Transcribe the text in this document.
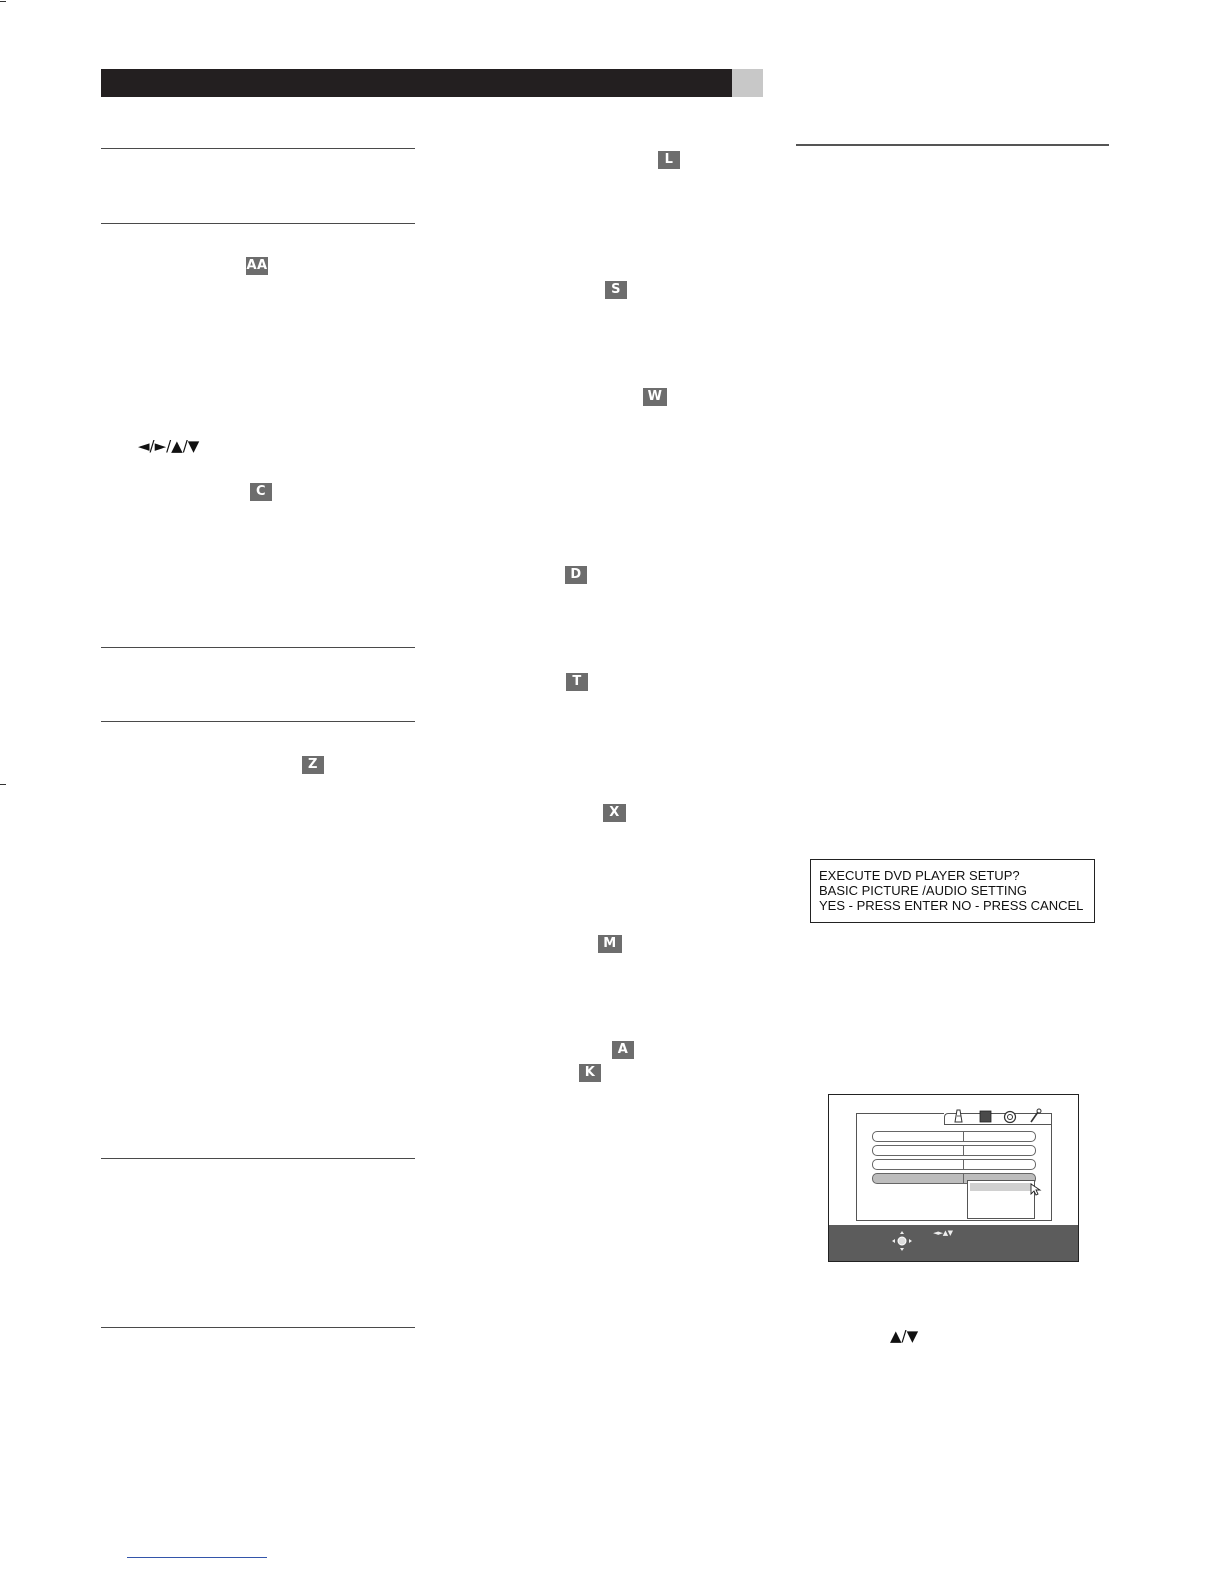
AA
◄/►/▲/▼
C
Z
L
S
W
D
T
X
M
A
K
EXECUTE DVD PLAYER SETUP?
BASIC PICTURE /AUDIO SETTING
YES - PRESS ENTER NO - PRESS CANCEL
◄►▲▼
▲/▼
